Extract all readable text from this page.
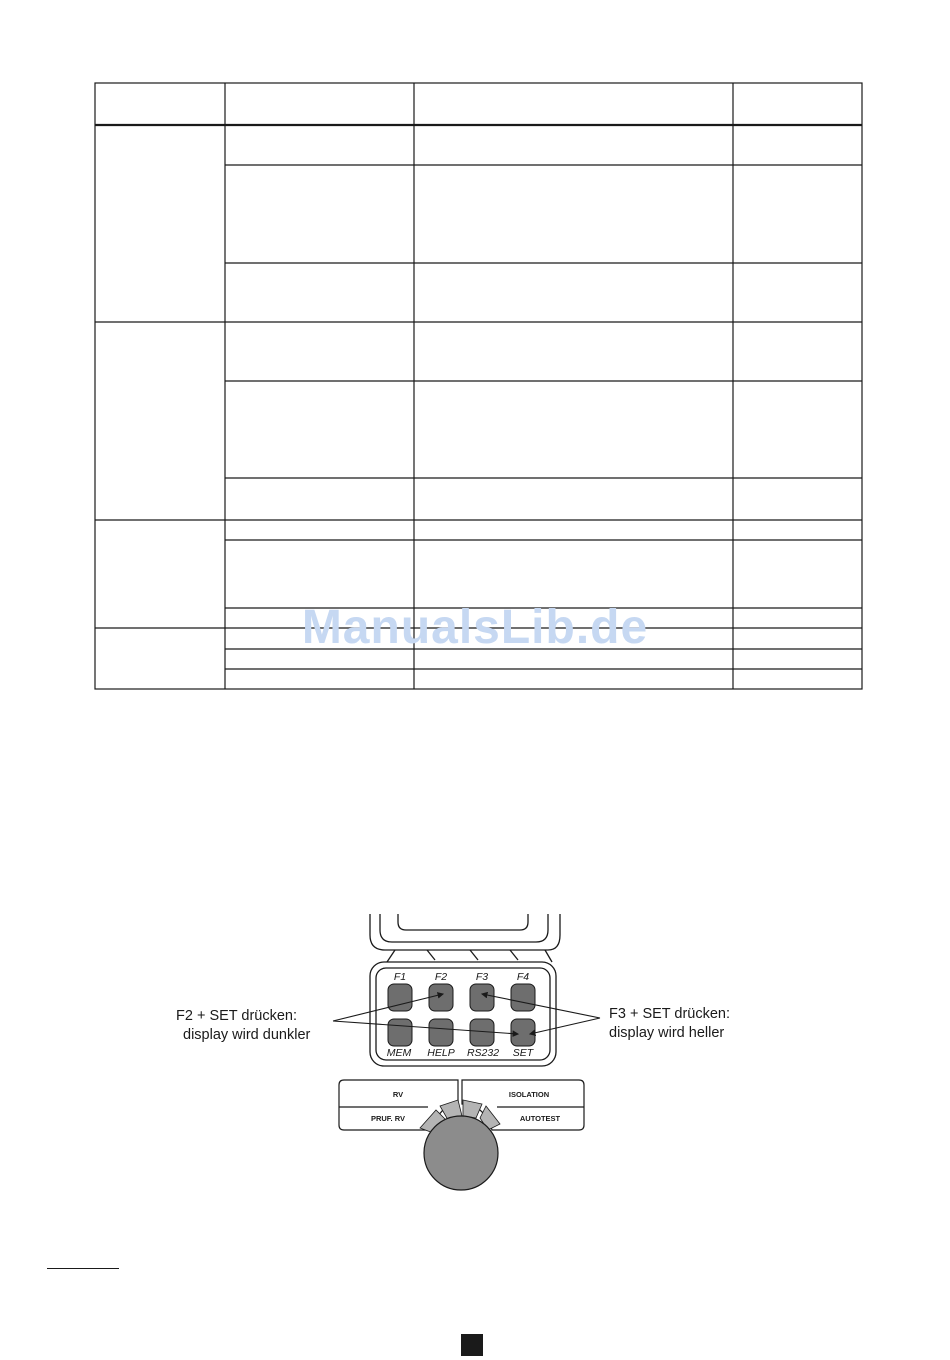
ManualsLib.de
F1	F2	F3	F4
MEM HELP RS232 SET
RV	ISOLATION
PRUF. RV	AUTOTEST
F2 + SET drücken:
display wird dunkler
F3 + SET drücken:
display wird heller
